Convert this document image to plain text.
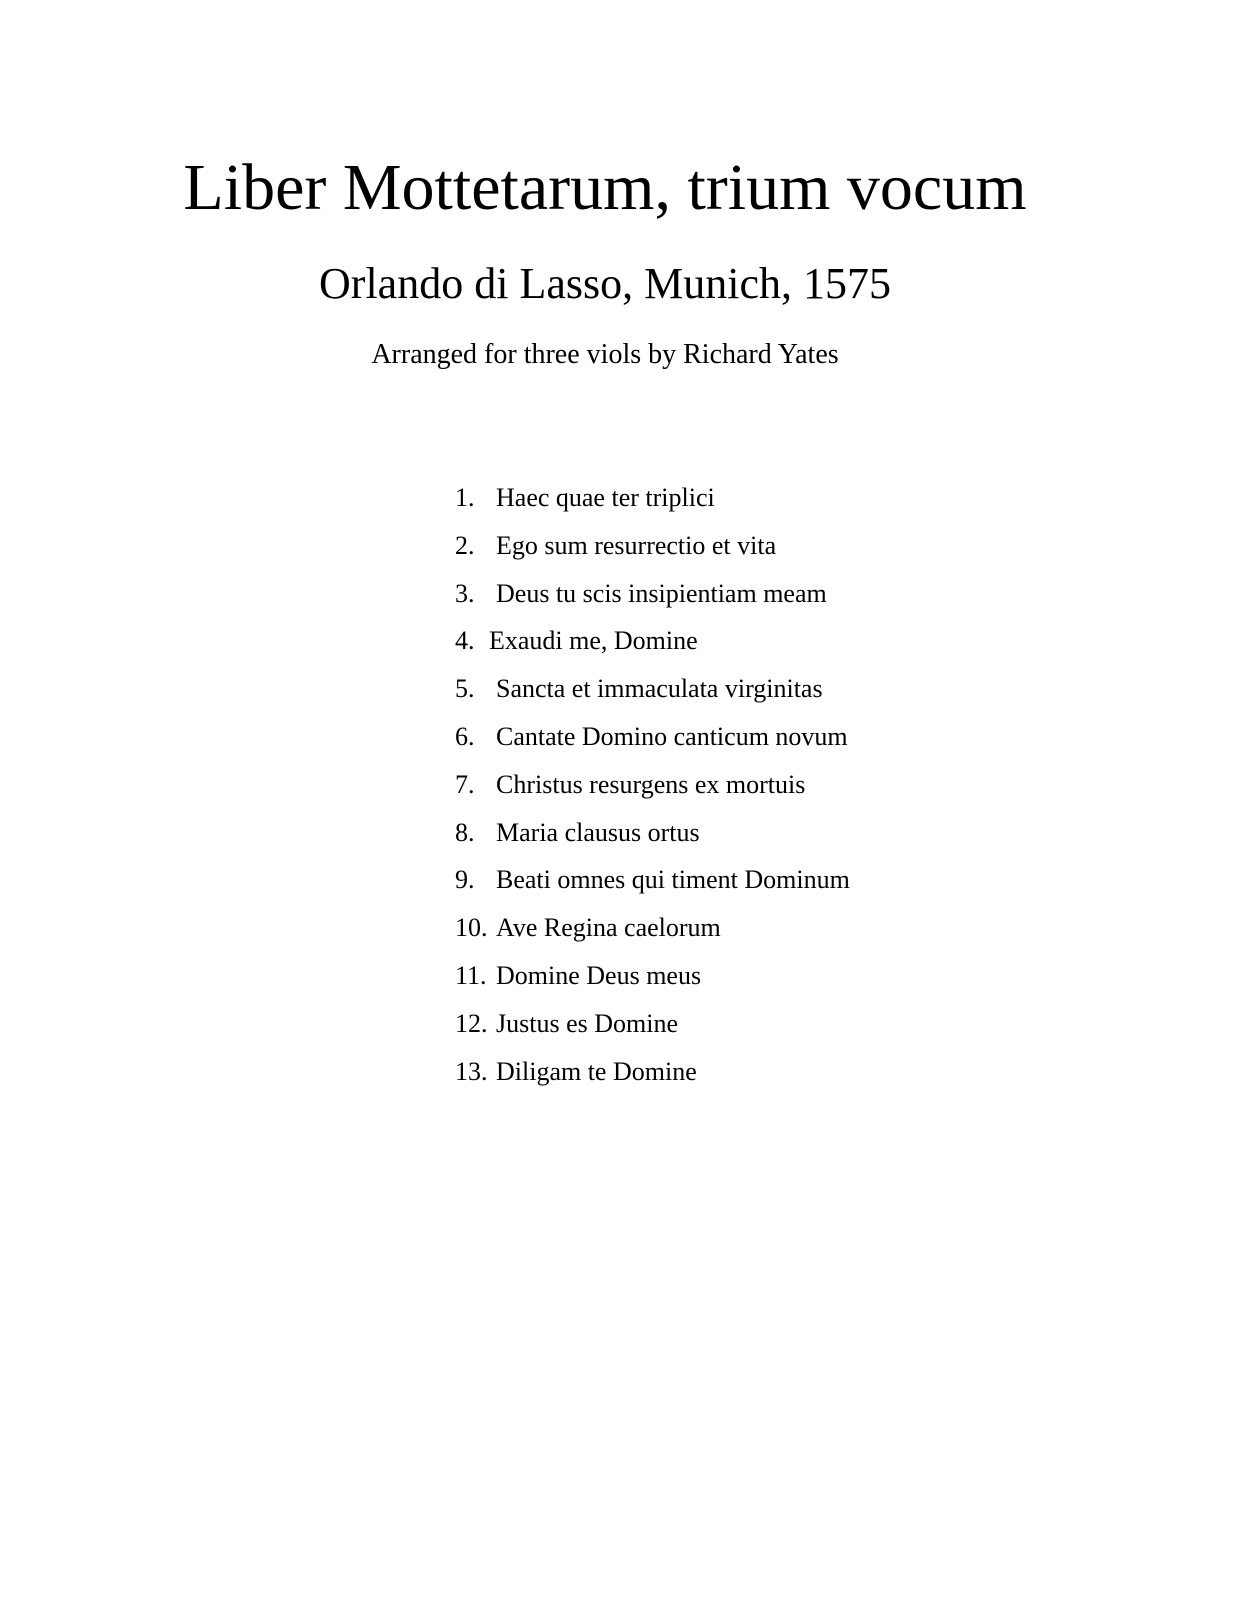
Liber Mottetarum, trium vocum
Orlando di Lasso, Munich, 1575

Arranged for three viols by Richard Yates

1. Haec quae ter triplici
2. Ego sum resurrectio et vita
3. Deus tu scis insipientiam meam
4. Exaudi me, Domine
5. Sancta et immaculata virginitas
6. Cantate Domino canticum novum
7. Christus resurgens ex mortuis
8. Maria clausus ortus
9. Beati omnes qui timent Dominum
10. Ave Regina caelorum
11. Domine Deus meus
12. Justus es Domine
13. Diligam te Domine
